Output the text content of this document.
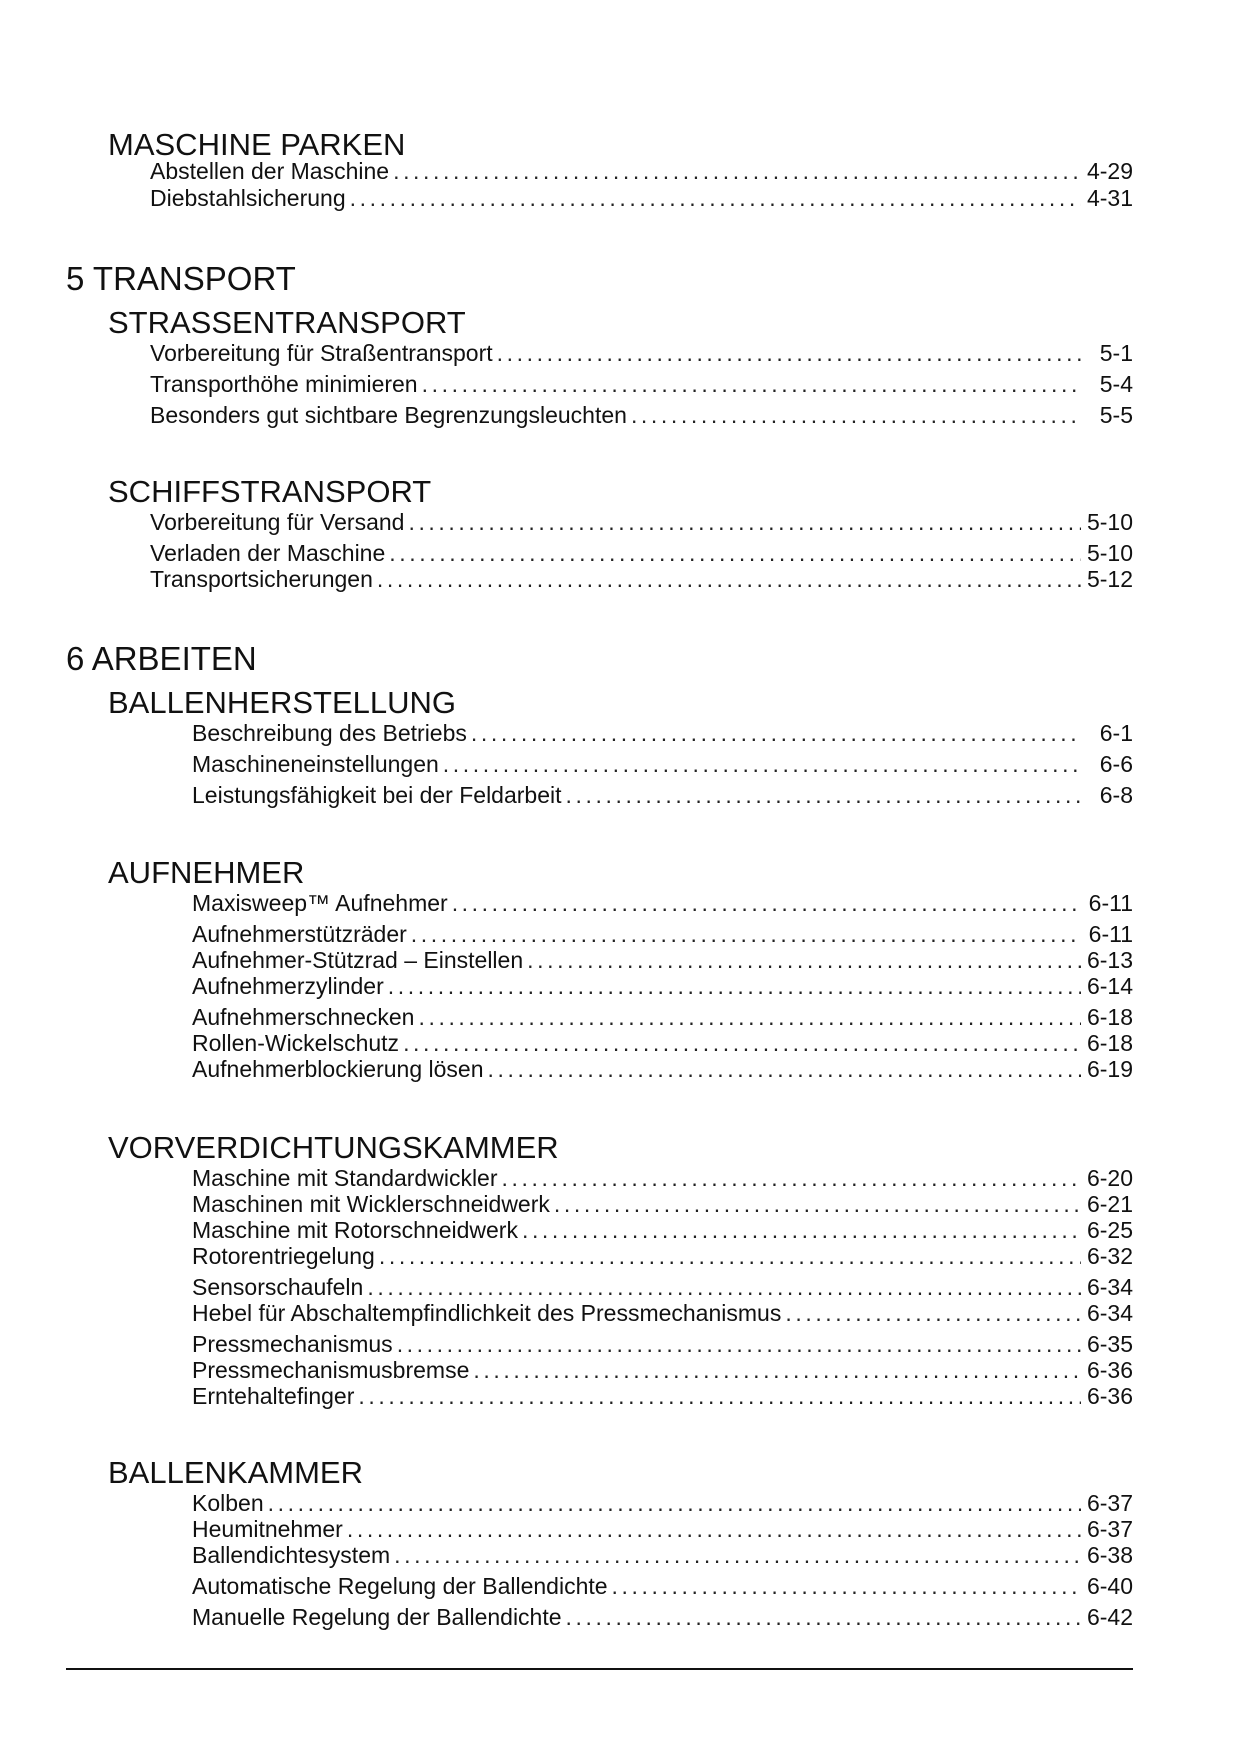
MASCHINE PARKEN
Abstellen der Maschine .....	4-29
Diebstahlsicherung .....	4-31
5 TRANSPORT
STRASSENTRANSPORT
Vorbereitung für Straßentransport .....	5-1
Transporthöhe minimieren .....	5-4
Besonders gut sichtbare Begrenzungsleuchten .....	5-5
SCHIFFSTRANSPORT
Vorbereitung für Versand .....	5-10
Verladen der Maschine .....	5-10
Transportsicherungen .....	5-12
6 ARBEITEN
BALLENHERSTELLUNG
Beschreibung des Betriebs .....	6-1
Maschineneinstellungen .....	6-6
Leistungsfähigkeit bei der Feldarbeit .....	6-8
AUFNEHMER
Maxisweep™ Aufnehmer .....	6-11
Aufnehmerstützräder .....	6-11
Aufnehmer-Stützrad – Einstellen .....	6-13
Aufnehmerzylinder .....	6-14
Aufnehmerschnecken .....	6-18
Rollen-Wickelschutz .....	6-18
Aufnehmerblockierung lösen .....	6-19
VORVERDICHTUNGSKAMMER
Maschine mit Standardwickler .....	6-20
Maschinen mit Wicklerschneidwerk .....	6-21
Maschine mit Rotorschneidwerk .....	6-25
Rotorentriegelung .....	6-32
Sensorschaufeln .....	6-34
Hebel für Abschaltempfindlichkeit des Pressmechanismus .....	6-34
Pressmechanismus .....	6-35
Pressmechanismusbremse .....	6-36
Erntehaltefinger .....	6-36
BALLENKAMMER
Kolben .....	6-37
Heumitnehmer .....	6-37
Ballendichtesystem .....	6-38
Automatische Regelung der Ballendichte .....	6-40
Manuelle Regelung der Ballendichte .....	6-42
